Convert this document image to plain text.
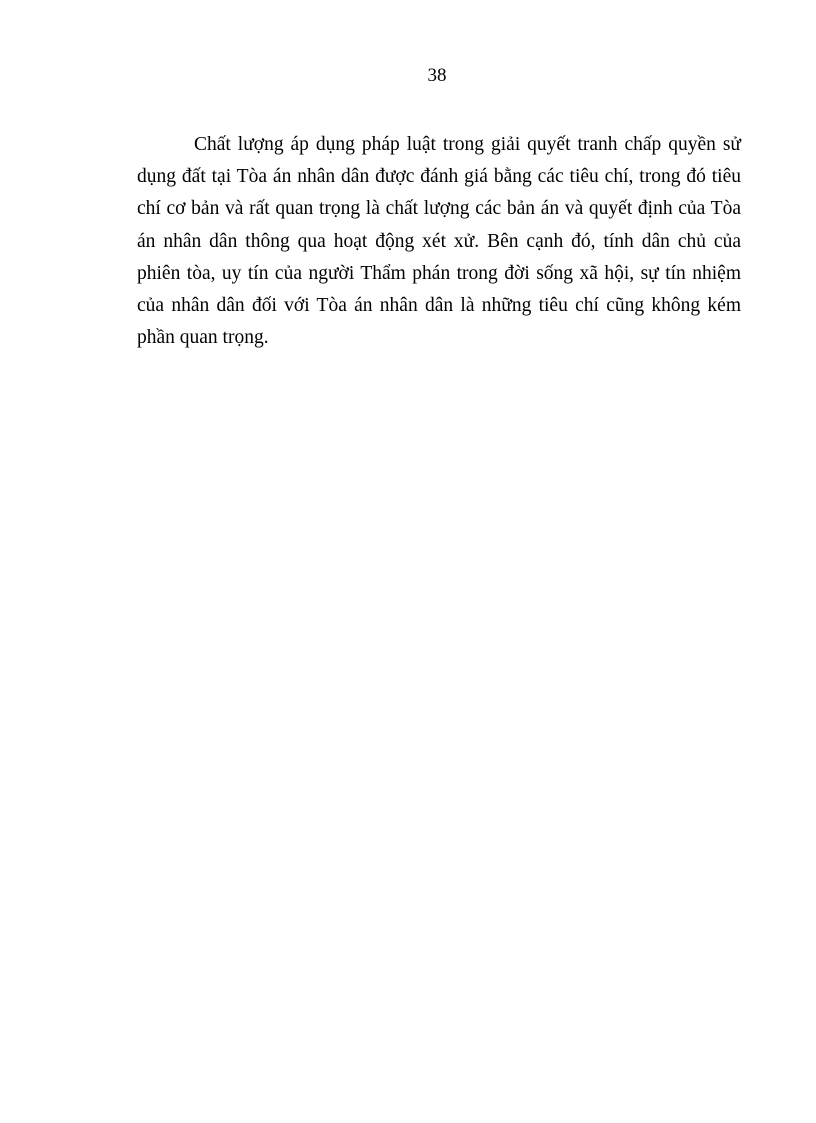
38

Chất lượng áp dụng pháp luật trong giải quyết tranh chấp quyền sử
dụng đất tại Tòa án nhân dân được đánh giá bằng các tiêu chí, trong đó tiêu
chí cơ bản và rất quan trọng là chất lượng các bản án và quyết định của Tòa
án nhân dân thông qua hoạt động xét xử. Bên cạnh đó, tính dân chủ của
phiên tòa, uy tín của người Thẩm phán trong đời sống xã hội, sự tín nhiệm
của nhân dân đối với Tòa án nhân dân là những tiêu chí cũng không kém
phần quan trọng.
